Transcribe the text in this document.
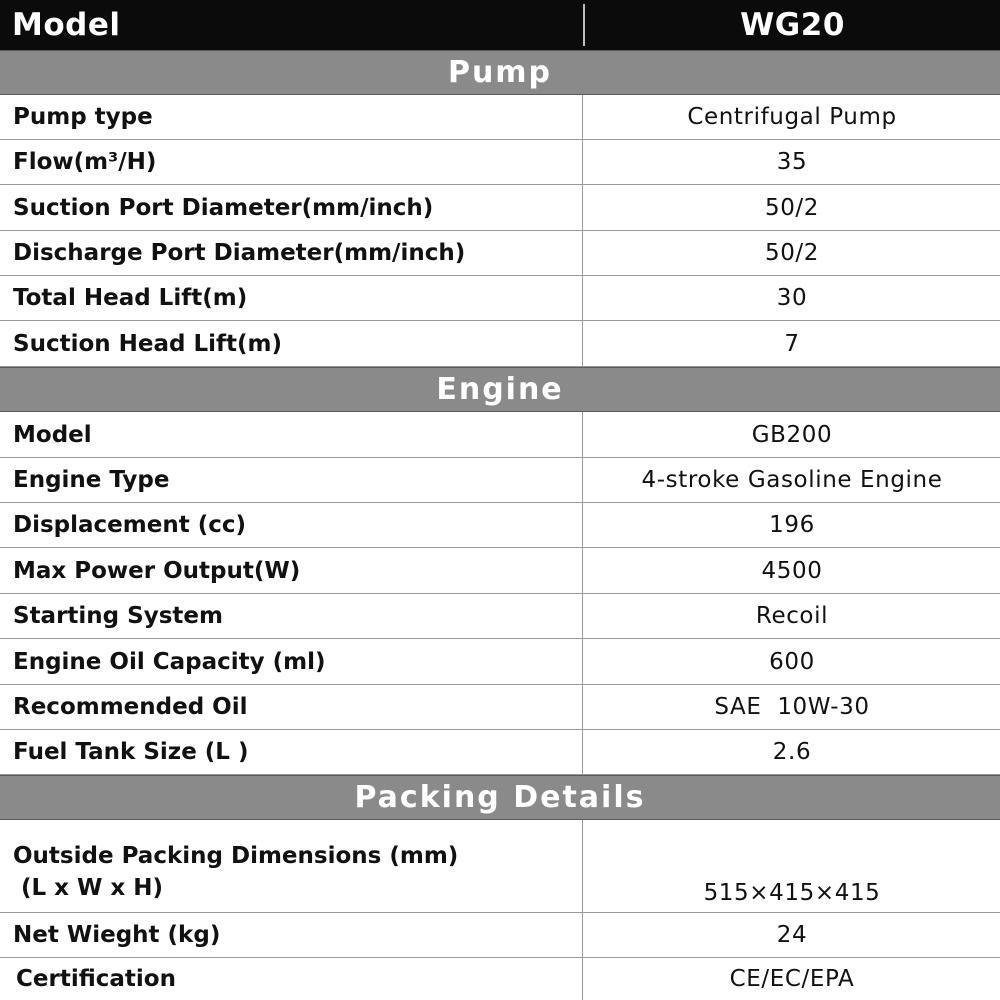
Model	WG20
Pump
Pump type	Centrifugal Pump
Flow(m³/H)	35
Suction Port Diameter(mm/inch)	50/2
Discharge Port Diameter(mm/inch)	50/2
Total Head Lift(m)	30
Suction Head Lift(m)	7
Engine
Model	GB200
Engine Type	4-stroke Gasoline Engine
Displacement (cc)	196
Max Power Output(W)	4500
Starting System	Recoil
Engine Oil Capacity (ml)	600
Recommended Oil	SAE  10W-30
Fuel Tank Size (L )	2.6
Packing Details
Outside Packing Dimensions (mm)
(L x W x H)	515×415×415
Net Wieght (kg)	24
Certification	CE/EC/EPA
